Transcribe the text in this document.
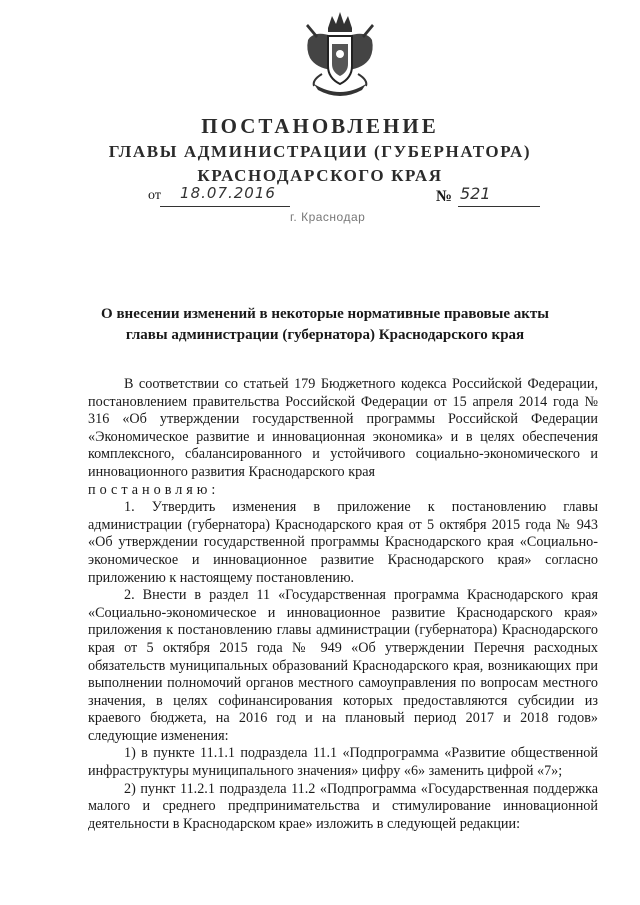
ПОСТАНОВЛЕНИЕ
ГЛАВЫ АДМИНИСТРАЦИИ (ГУБЕРНАТОРА)
КРАСНОДАРСКОГО КРАЯ
от	18.07.2016	№ 521
г. Краснодар
О внесении изменений в некоторые нормативные правовые акты
главы администрации (губернатора) Краснодарского края

В соответствии со статьей 179 Бюджетного кодекса Российской Федерации, постановлением правительства Российской Федерации от 15 апреля 2014 года № 316 «Об утверждении государственной программы Российской Федерации «Экономическое развитие и инновационная экономика» и в целях обеспечения комплексного, сбалансированного и устойчивого социально-экономического и инновационного развития Краснодарского края

постановляю:

1. Утвердить изменения в приложение к постановлению главы администрации (губернатора) Краснодарского края от 5 октября 2015 года № 943 «Об утверждении государственной программы Краснодарского края «Социально-экономическое и инновационное развитие Краснодарского края» согласно приложению к настоящему постановлению.

2. Внести в раздел 11 «Государственная программа Краснодарского края «Социально-экономическое и инновационное развитие Краснодарского края» приложения к постановлению главы администрации (губернатора) Краснодарского края от 5 октября 2015 года № 949 «Об утверждении Перечня расходных обязательств муниципальных образований Краснодарского края, возникающих при выполнении полномочий органов местного самоуправления по вопросам местного значения, в целях софинансирования которых предоставляются субсидии из краевого бюджета, на 2016 год и на плановый период 2017 и 2018 годов» следующие изменения:

1) в пункте 11.1.1 подраздела 11.1 «Подпрограмма «Развитие общественной инфраструктуры муниципального значения» цифру «6» заменить цифрой «7»;

2) пункт 11.2.1 подраздела 11.2 «Подпрограмма «Государственная поддержка малого и среднего предпринимательства и стимулирование инновационной деятельности в Краснодарском крае» изложить в следующей редакции:
